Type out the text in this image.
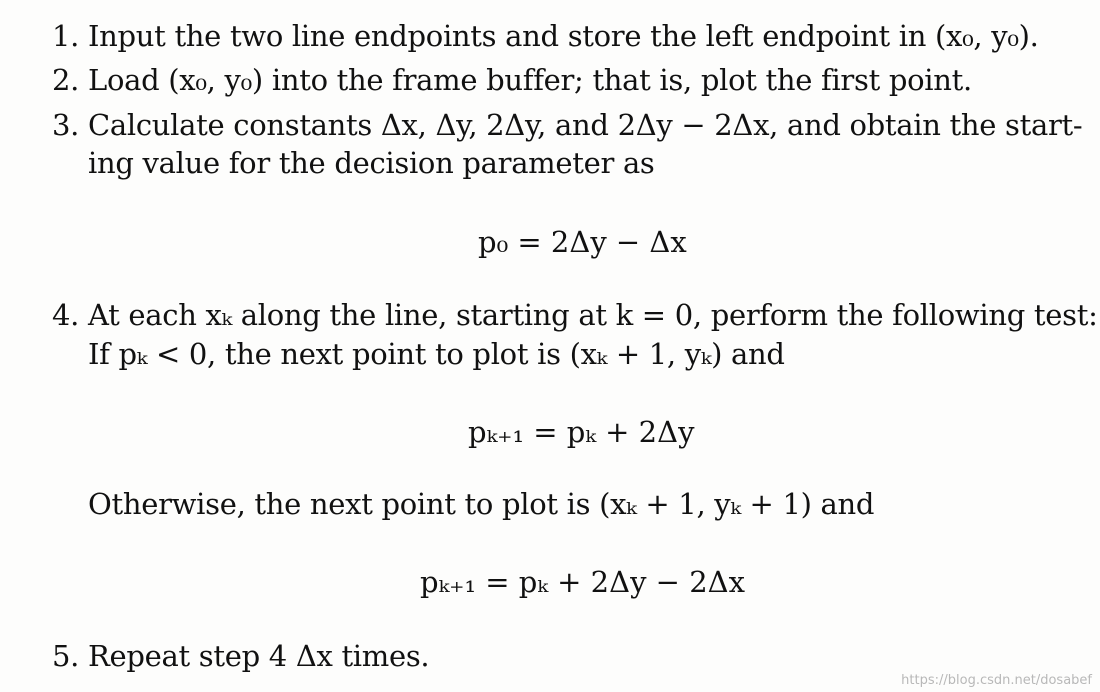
1. Input the two line endpoints and store the left endpoint in (x₀, y₀).
2. Load (x₀, y₀) into the frame buffer; that is, plot the first point.
3. Calculate constants Δx, Δy, 2Δy, and 2Δy − 2Δx, and obtain the start-
ing value for the decision parameter as
p₀ = 2Δy − Δx
4. At each xₖ along the line, starting at k = 0, perform the following test:
If pₖ < 0, the next point to plot is (xₖ + 1, yₖ) and
pₖ₊₁ = pₖ + 2Δy
Otherwise, the next point to plot is (xₖ + 1, yₖ + 1) and
pₖ₊₁ = pₖ + 2Δy − 2Δx
5. Repeat step 4 Δx times.
https://blog.csdn.net/dosabef
